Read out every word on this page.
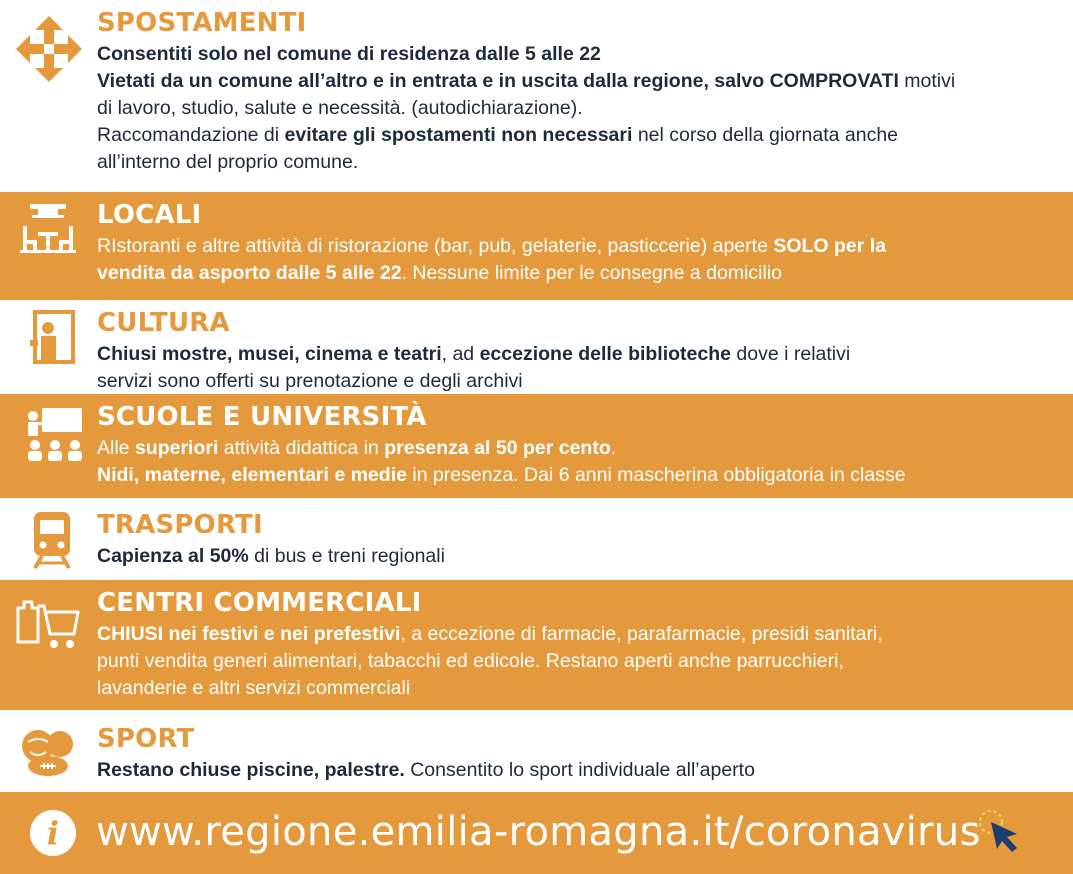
SPOSTAMENTI
Consentiti solo nel comune di residenza dalle 5 alle 22
Vietati da un comune all’altro e in entrata e in uscita dalla regione, salvo COMPROVATI motivi
di lavoro, studio, salute e necessità. (autodichiarazione).
Raccomandazione di evitare gli spostamenti non necessari nel corso della giornata anche
all’interno del proprio comune.
LOCALI
RIstoranti e altre attività di ristorazione (bar, pub, gelaterie, pasticcerie) aperte SOLO per la
vendita da asporto dalle 5 alle 22. Nessune limite per le consegne a domicilio
CULTURA
Chiusi mostre, musei, cinema e teatri, ad eccezione delle biblioteche dove i relativi
servizi sono offerti su prenotazione e degli archivi
SCUOLE E UNIVERSITÀ
Alle superiori attività didattica in presenza al 50 per cento.
Nidi, materne, elementari e medie in presenza. Dai 6 anni mascherina obbligatoria in classe
TRASPORTI
Capienza al 50% di bus e treni regionali
CENTRI COMMERCIALI
CHIUSI nei festivi e nei prefestivi, a eccezione di farmacie, parafarmacie, presidi sanitari,
punti vendita generi alimentari, tabacchi ed edicole. Restano aperti anche parrucchieri,
lavanderie e altri servizi commerciali
SPORT
Restano chiuse piscine, palestre. Consentito lo sport individuale all’aperto
i www.regione.emilia-romagna.it/coronavirus
